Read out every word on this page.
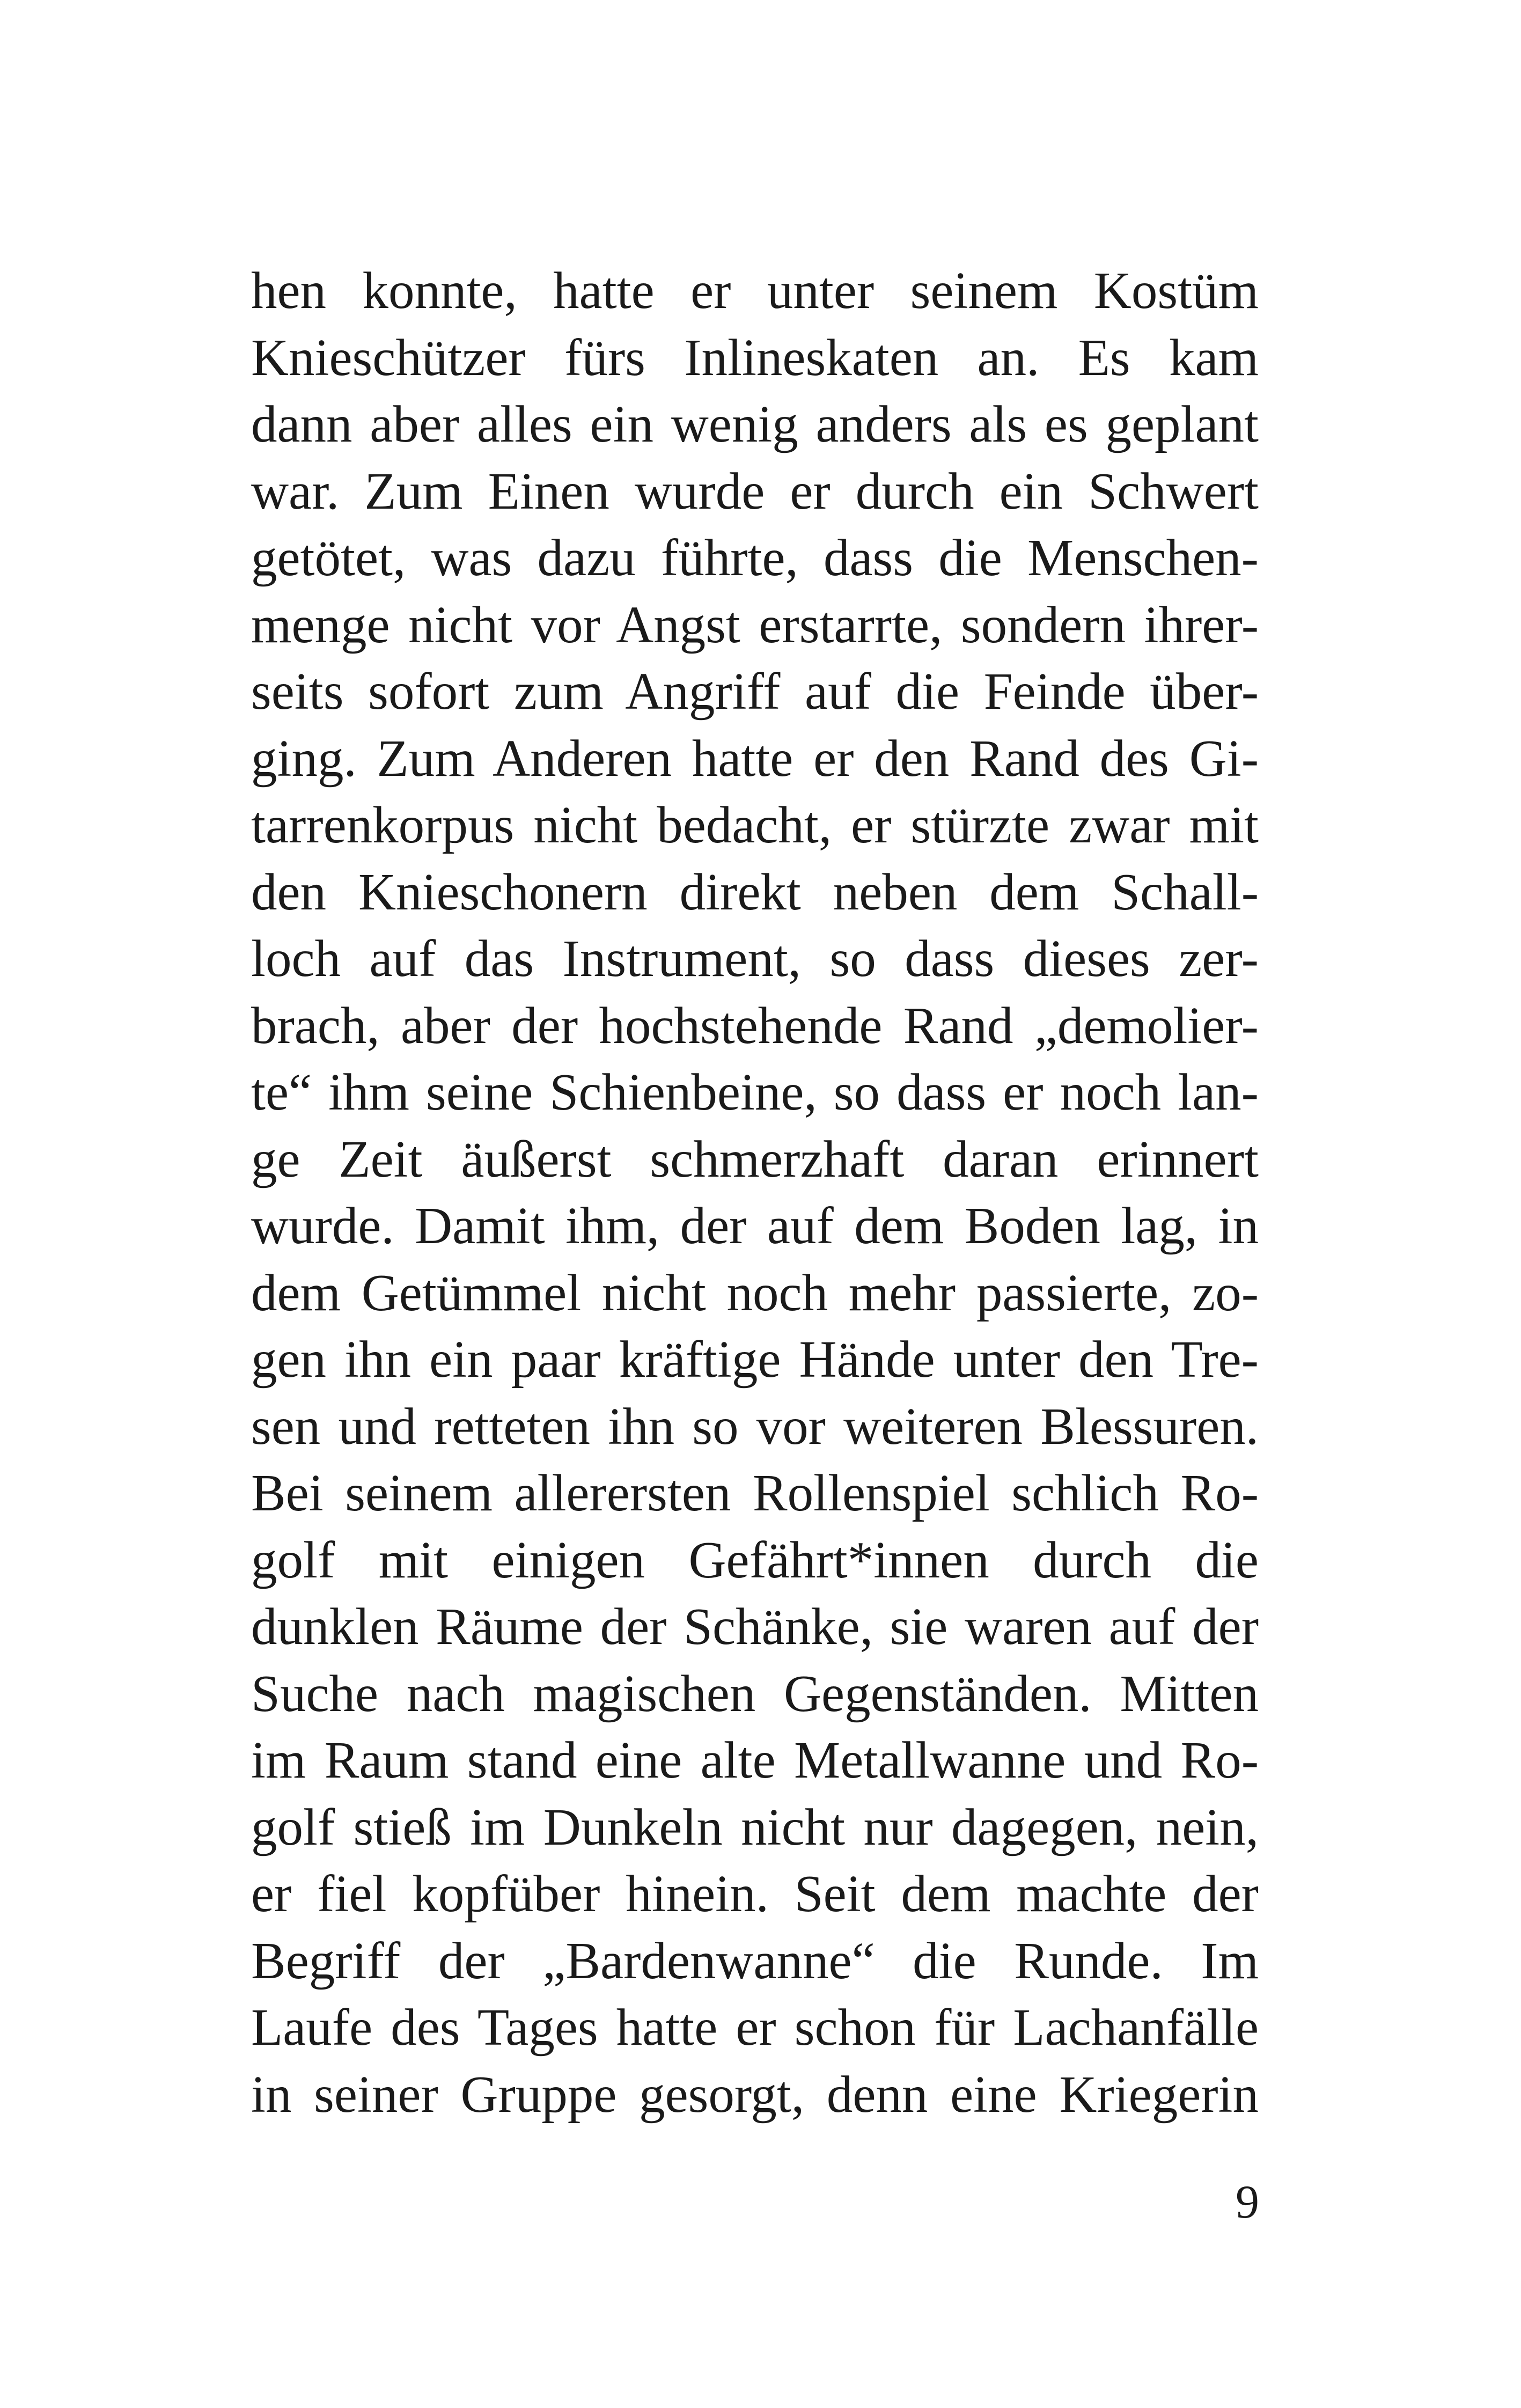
hen konnte, hatte er unter seinem Kostüm
Knieschützer fürs Inlineskaten an. Es kam
dann aber alles ein wenig anders als es geplant
war. Zum Einen wurde er durch ein Schwert
getötet, was dazu führte, dass die Menschen-
menge nicht vor Angst erstarrte, sondern ihrer-
seits sofort zum Angriff auf die Feinde über-
ging. Zum Anderen hatte er den Rand des Gi-
tarrenkorpus nicht bedacht, er stürzte zwar mit
den Knieschonern direkt neben dem Schall-
loch auf das Instrument, so dass dieses zer-
brach, aber der hochstehende Rand „demolier-
te“ ihm seine Schienbeine, so dass er noch lan-
ge Zeit äußerst schmerzhaft daran erinnert
wurde. Damit ihm, der auf dem Boden lag, in
dem Getümmel nicht noch mehr passierte, zo-
gen ihn ein paar kräftige Hände unter den Tre-
sen und retteten ihn so vor weiteren Blessuren.
Bei seinem allerersten Rollenspiel schlich Ro-
golf mit einigen Gefährt*innen durch die
dunklen Räume der Schänke, sie waren auf der
Suche nach magischen Gegenständen. Mitten
im Raum stand eine alte Metallwanne und Ro-
golf stieß im Dunkeln nicht nur dagegen, nein,
er fiel kopfüber hinein. Seit dem machte der
Begriff der „Bardenwanne“ die Runde. Im
Laufe des Tages hatte er schon für Lachanfälle
in seiner Gruppe gesorgt, denn eine Kriegerin
9
